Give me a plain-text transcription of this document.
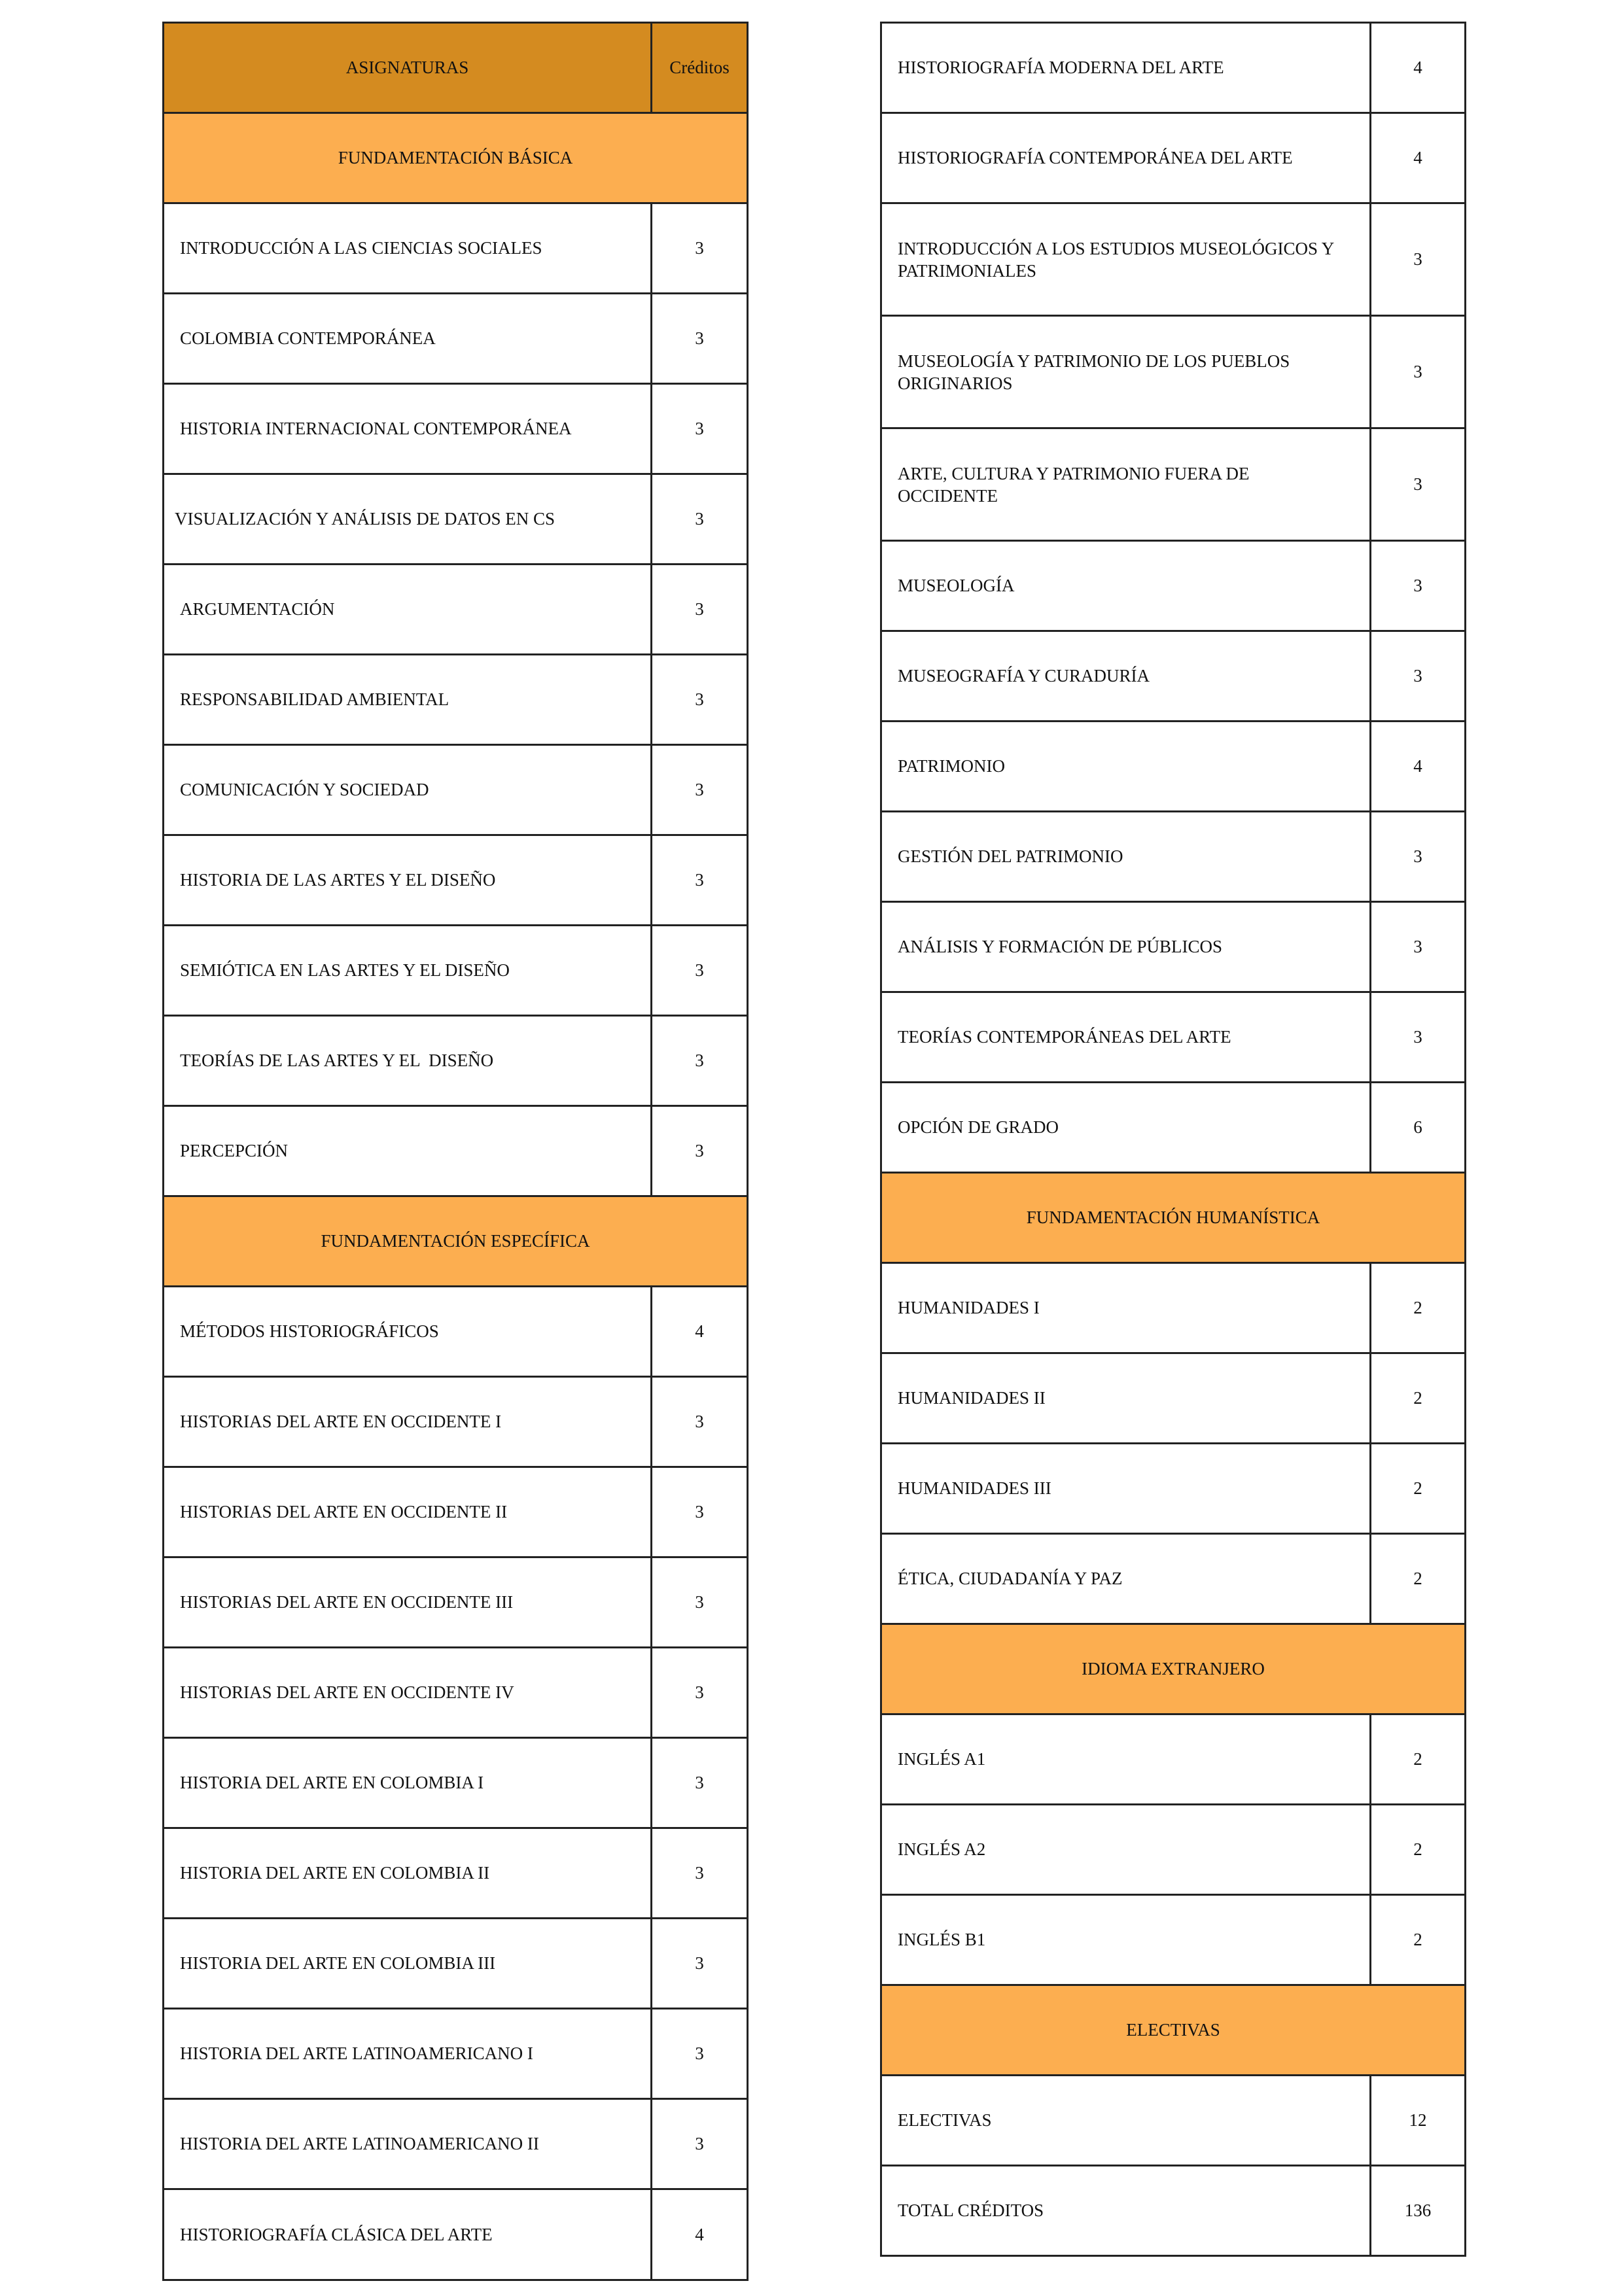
ASIGNATURAS	Créditos
FUNDAMENTACIÓN BÁSICA	
INTRODUCCIÓN A LAS CIENCIAS SOCIALES	3
COLOMBIA CONTEMPORÁNEA	3
HISTORIA INTERNACIONAL CONTEMPORÁNEA	3
VISUALIZACIÓN Y ANÁLISIS DE DATOS EN CS	3
ARGUMENTACIÓN	3
RESPONSABILIDAD AMBIENTAL	3
COMUNICACIÓN Y SOCIEDAD	3
HISTORIA DE LAS ARTES Y EL DISEÑO	3
SEMIÓTICA EN LAS ARTES Y EL DISEÑO	3
TEORÍAS DE LAS ARTES Y EL  DISEÑO	3
PERCEPCIÓN	3
FUNDAMENTACIÓN ESPECÍFICA	
MÉTODOS HISTORIOGRÁFICOS	4
HISTORIAS DEL ARTE EN OCCIDENTE I	3
HISTORIAS DEL ARTE EN OCCIDENTE II	3
HISTORIAS DEL ARTE EN OCCIDENTE III	3
HISTORIAS DEL ARTE EN OCCIDENTE IV	3
HISTORIA DEL ARTE EN COLOMBIA I	3
HISTORIA DEL ARTE EN COLOMBIA II	3
HISTORIA DEL ARTE EN COLOMBIA III	3
HISTORIA DEL ARTE LATINOAMERICANO I	3
HISTORIA DEL ARTE LATINOAMERICANO II	3
HISTORIOGRAFÍA CLÁSICA DEL ARTE	4
HISTORIOGRAFÍA MODERNA DEL ARTE	4
HISTORIOGRAFÍA CONTEMPORÁNEA DEL ARTE	4
INTRODUCCIÓN A LOS ESTUDIOS MUSEOLÓGICOS Y PATRIMONIALES	3
MUSEOLOGÍA Y PATRIMONIO DE LOS PUEBLOS ORIGINARIOS	3
ARTE, CULTURA Y PATRIMONIO FUERA DE OCCIDENTE	3
MUSEOLOGÍA	3
MUSEOGRAFÍA Y CURADURÍA	3
PATRIMONIO	4
GESTIÓN DEL PATRIMONIO	3
ANÁLISIS Y FORMACIÓN DE PÚBLICOS	3
TEORÍAS CONTEMPORÁNEAS DEL ARTE	3
OPCIÓN DE GRADO	6
FUNDAMENTACIÓN HUMANÍSTICA	
HUMANIDADES I	2
HUMANIDADES II	2
HUMANIDADES III	2
ÉTICA, CIUDADANÍA Y PAZ	2
IDIOMA EXTRANJERO	
INGLÉS A1	2
INGLÉS A2	2
INGLÉS B1	2
ELECTIVAS	
ELECTIVAS	12
TOTAL CRÉDITOS	136
